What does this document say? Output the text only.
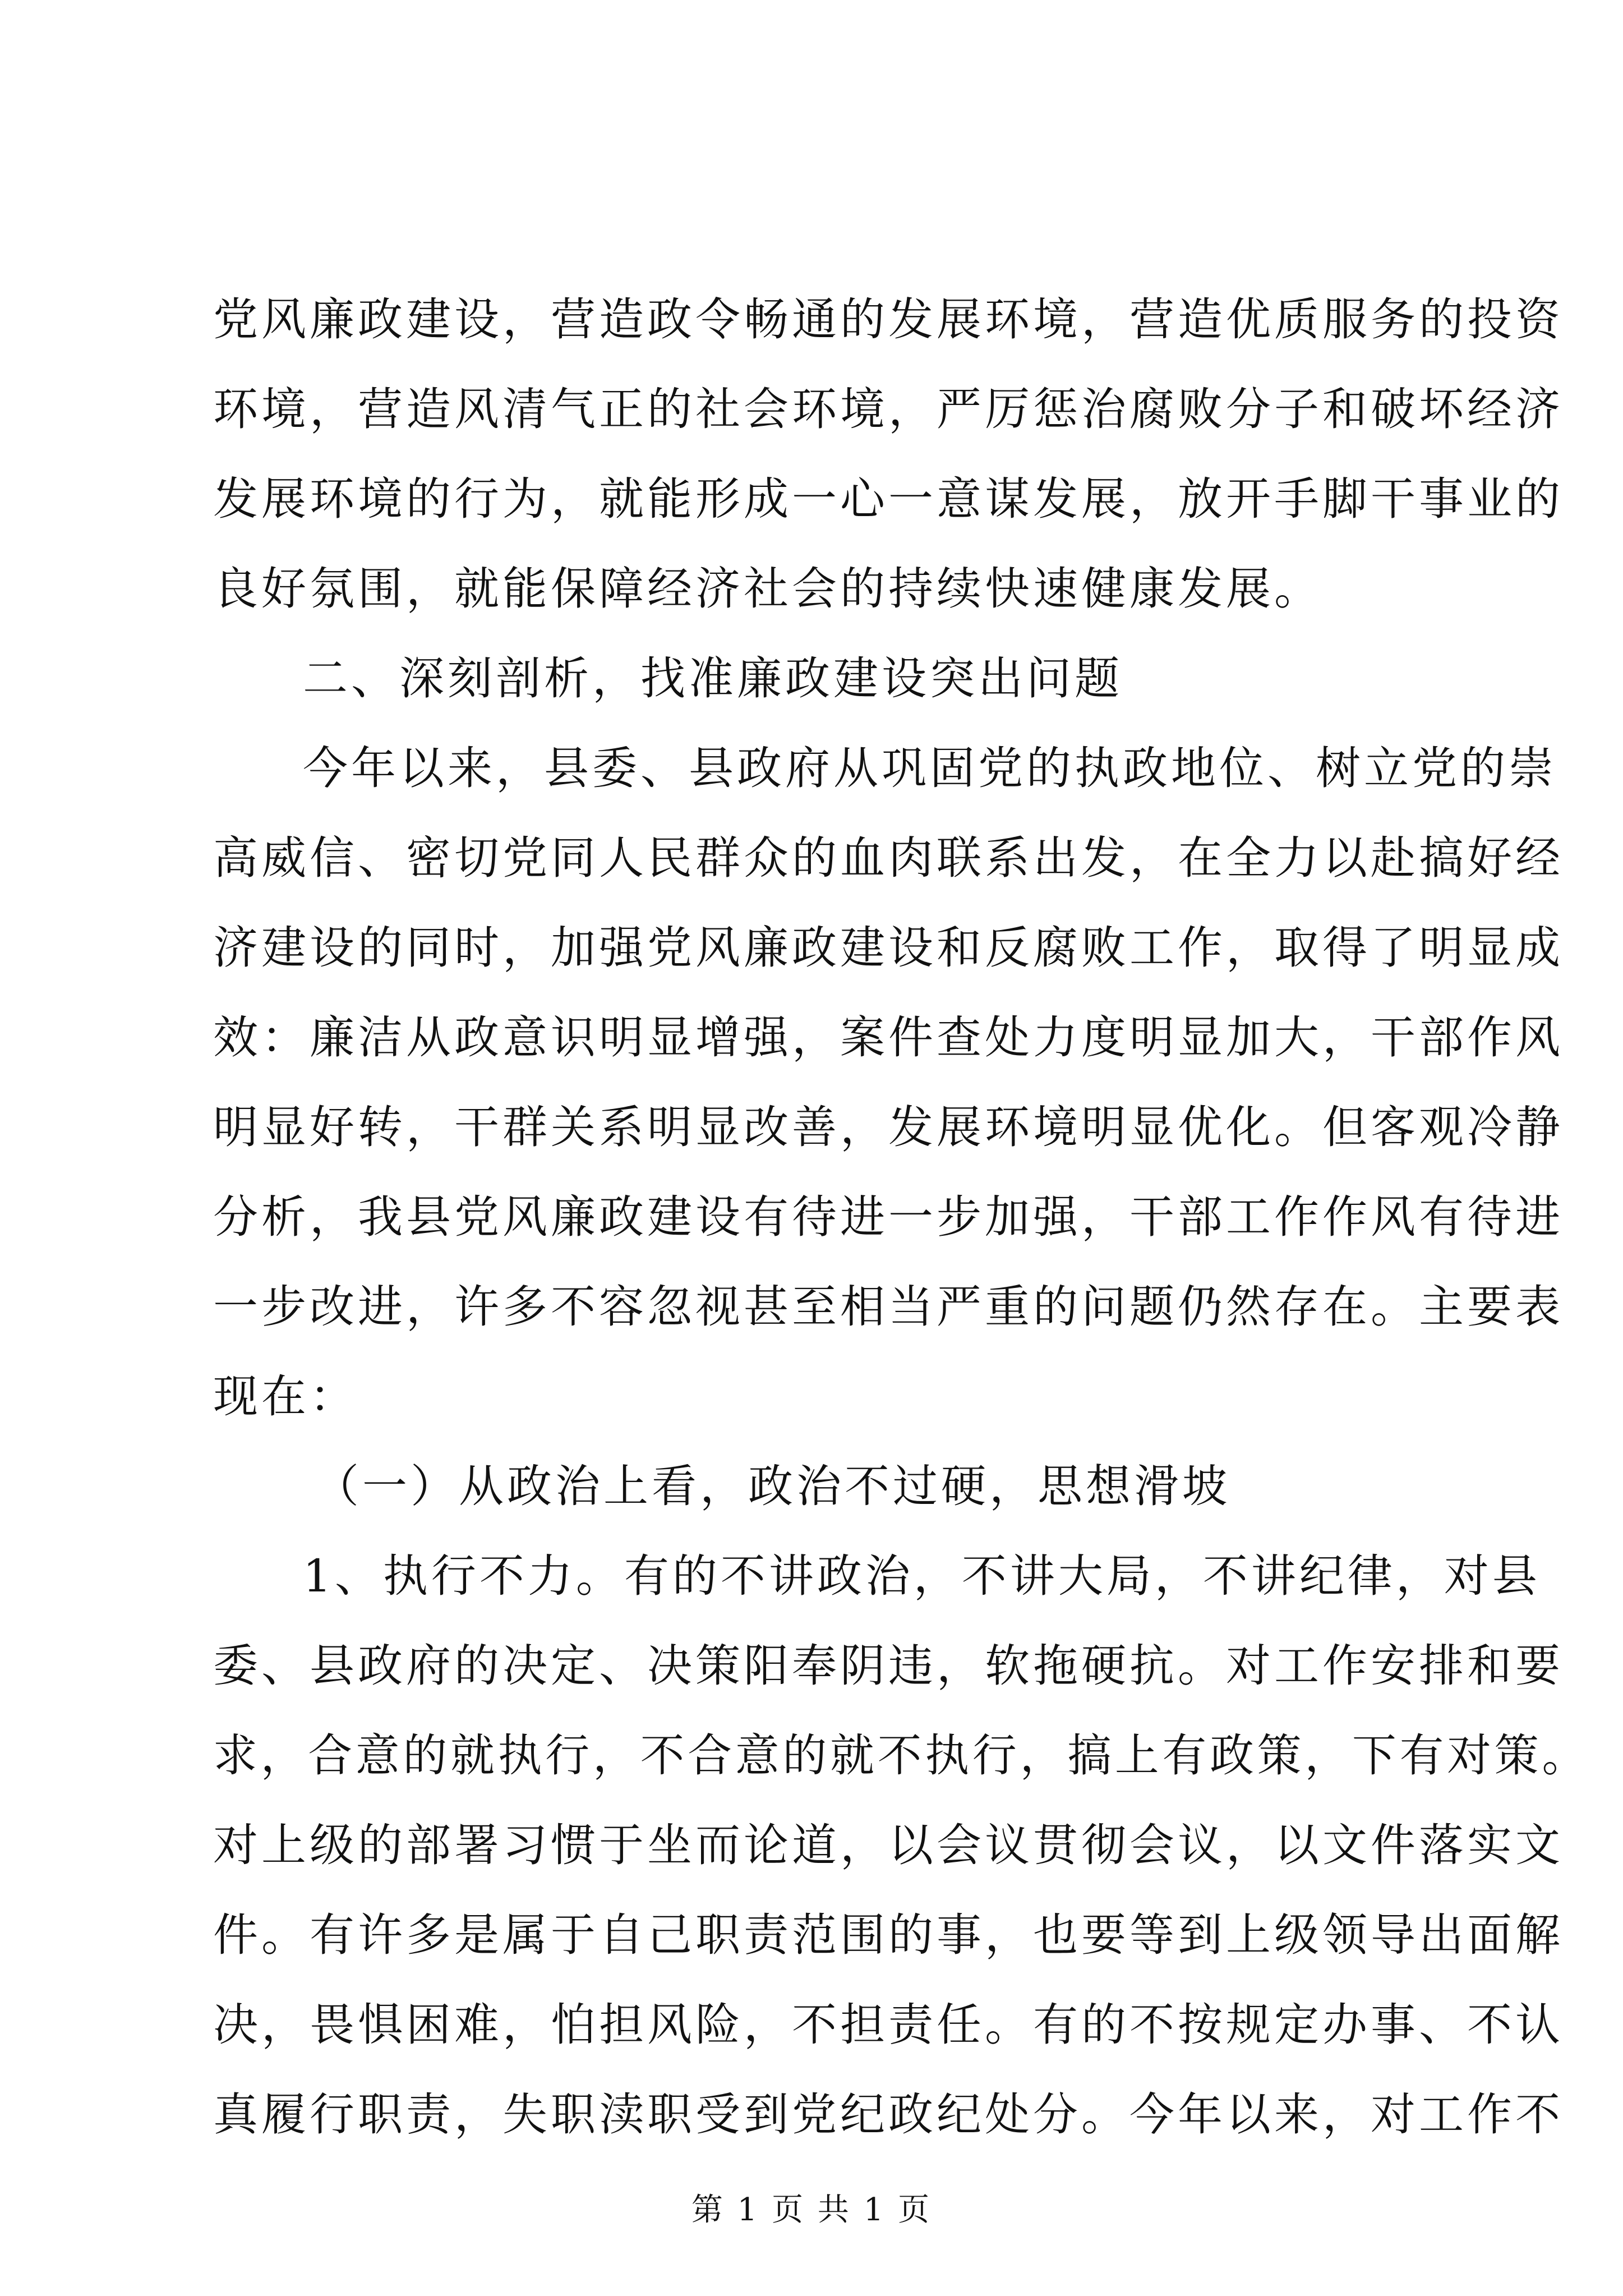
党风廉政建设，营造政令畅通的发展环境，营造优质服务的投资
环境，营造风清气正的社会环境，严厉惩治腐败分子和破坏经济
发展环境的行为，就能形成一心一意谋发展，放开手脚干事业的
良好氛围，就能保障经济社会的持续快速健康发展。
二、深刻剖析，找准廉政建设突出问题
今年以来，县委、县政府从巩固党的执政地位、树立党的崇
高威信、密切党同人民群众的血肉联系出发，在全力以赴搞好经
济建设的同时，加强党风廉政建设和反腐败工作，取得了明显成
效：廉洁从政意识明显增强，案件查处力度明显加大，干部作风
明显好转，干群关系明显改善，发展环境明显优化。但客观冷静
分析，我县党风廉政建设有待进一步加强，干部工作作风有待进
一步改进，许多不容忽视甚至相当严重的问题仍然存在。主要表
现在：
（一）从政治上看，政治不过硬，思想滑坡
1、执行不力。有的不讲政治，不讲大局，不讲纪律，对县
委、县政府的决定、决策阳奉阴违，软拖硬抗。对工作安排和要
求，合意的就执行，不合意的就不执行，搞上有政策，下有对策。
对上级的部署习惯于坐而论道，以会议贯彻会议，以文件落实文
件。有许多是属于自己职责范围的事，也要等到上级领导出面解
决，畏惧困难，怕担风险，不担责任。有的不按规定办事、不认
真履行职责，失职渎职受到党纪政纪处分。今年以来，对工作不
第 1 页 共 1 页
